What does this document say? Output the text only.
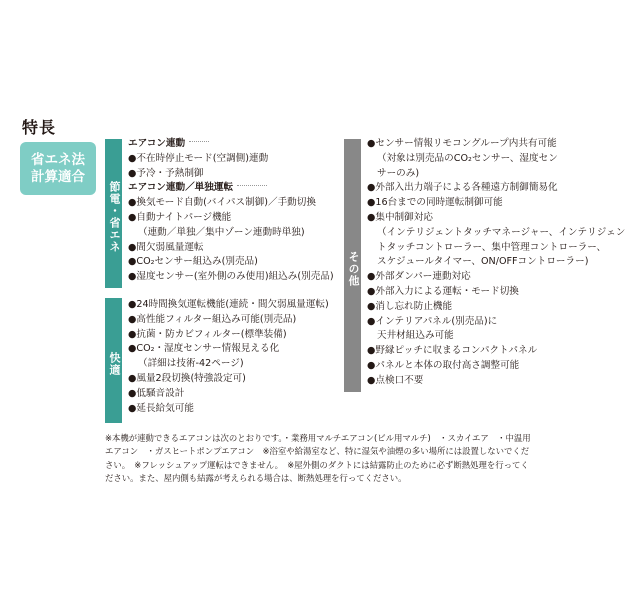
特長
省エネ法
計算適合
節電・省エネ
快適
その他
エアコン連動
●不在時停止モード(空調側)連動
●予冷・予熱制御
エアコン連動／単独運転
●換気モード自動(バイパス制御)／手動切換
●自動ナイトパージ機能
（連動／単独／集中ゾーン連動時単独)
●間欠弱風量運転
●CO₂センサー組込み(別売品)
●湿度センサー(室外側のみ使用)組込み(別売品)
●24時間換気運転機能(連続・間欠弱風量運転)
●高性能フィルター組込み可能(別売品)
●抗菌・防カビフィルター(標準装備)
●CO₂・湿度センサー情報見える化
（詳細は技術-42ページ)
●風量2段切換(特強設定可)
●低騒音設計
●延長給気可能
●センサー情報リモコングループ内共有可能
（対象は別売品のCO₂センサー、湿度セン
サーのみ)
●外部入出力端子による各種遠方制御簡易化
●16台までの同時運転制御可能
●集中制御対応
（インテリジェントタッチマネージャー、インテリジェン
トタッチコントローラー、集中管理コントローラー、
スケジュールタイマー、ON/OFFコントローラー)
●外部ダンパー連動対応
●外部入力による運転・モード切換
●消し忘れ防止機能
●インテリアパネル(別売品)に
天井材組込み可能
●野縁ピッチに収まるコンパクトパネル
●パネルと本体の取付高さ調整可能
●点検口不要
※本機が連動できるエアコンは次のとおりです。・業務用マルチエアコン(ビル用マルチ)　・スカイエア　・中温用
エアコン　・ガスヒートポンプエアコン　※浴室や給湯室など、特に湿気や油煙の多い場所には設置しないでくだ
さい。　※フレッシュアップ運転はできません。　※屋外側のダクトには結露防止のために必ず断熱処理を行ってく
ださい。また、屋内側も結露が考えられる場合は、断熱処理を行ってください。
